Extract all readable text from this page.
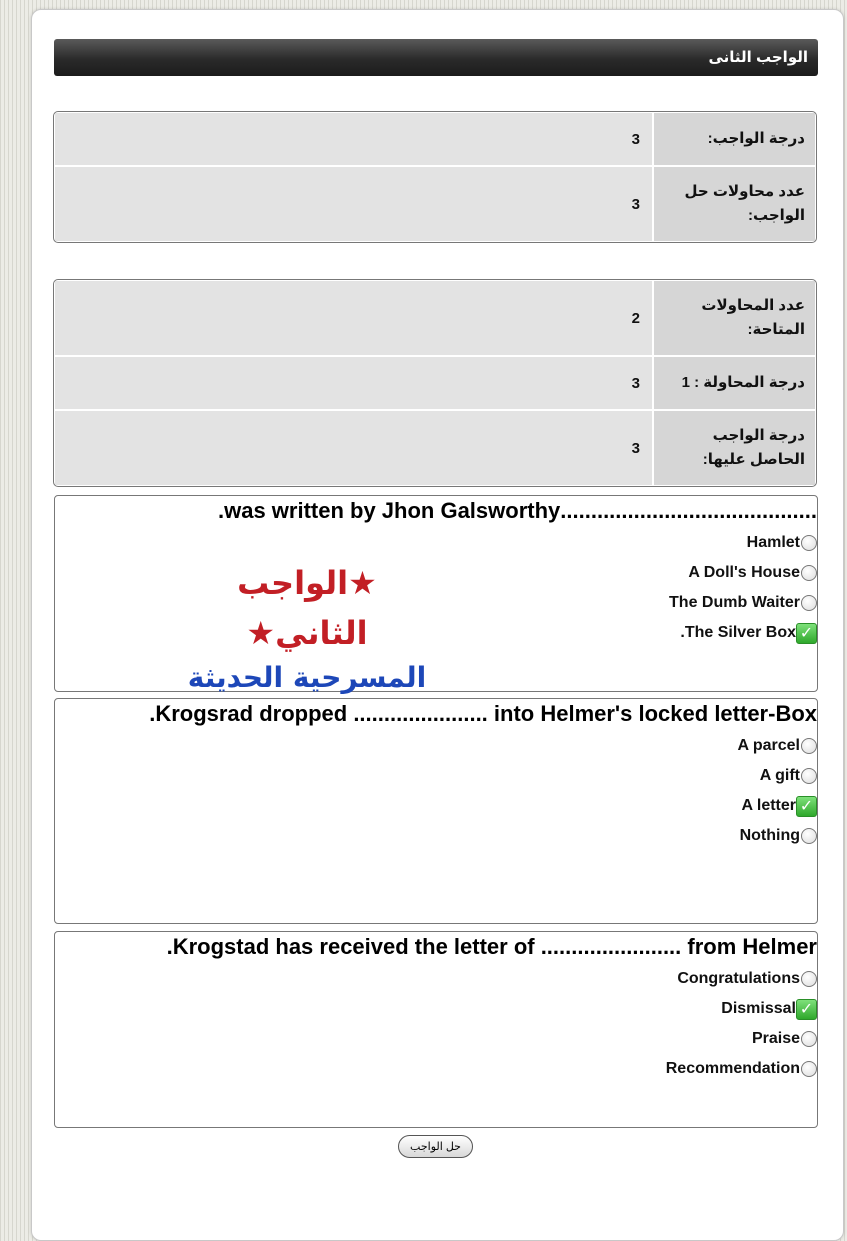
الواجب الثانى
درجة الواجب:
3
عدد محاولات حل الواجب:
3
عدد المحاولات المتاحة:
2
درجة المحاولة : 1
3
درجة الواجب الحاصل عليها:
3

..........................................was written by Jhon Galsworthy.

Hamlet
A Doll's House
The Dumb Waiter
✓
The Silver Box.
★الواجب الثاني★
المسرحية الحديثة

Krogsrad dropped ...................... into Helmer's locked letter-Box.

A parcel
A gift
✓
A letter
Nothing

Krogstad has received the letter of ....................... from Helmer.

Congratulations
✓
Dismissal
Praise
Recommendation
حل الواجب
